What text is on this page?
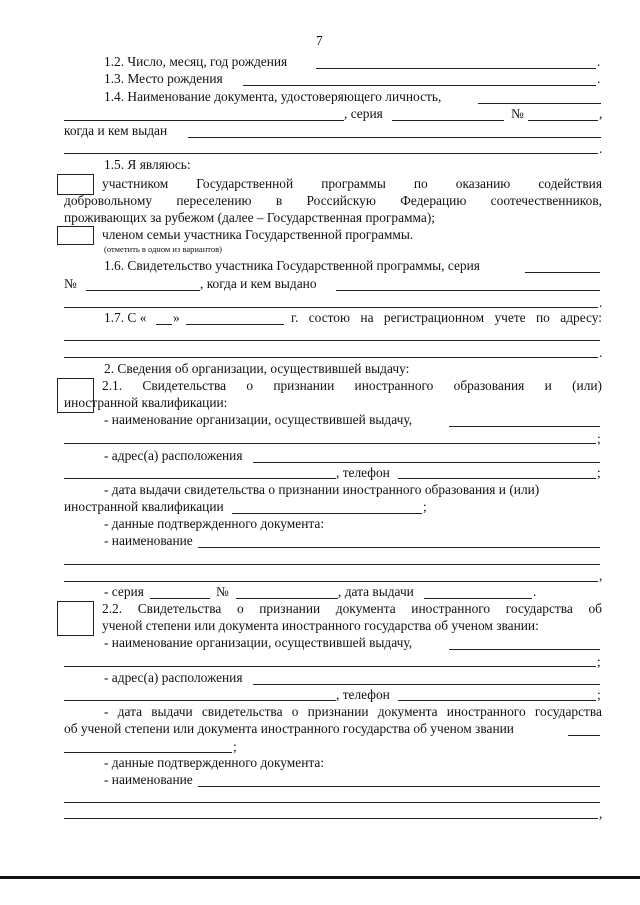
7
1.2. Число, месяц, год рождения	.
1.3. Место рождения	.
1.4. Наименование документа, удостоверяющего личность,
, серия	№	,
когда и кем выдан
.
1.5. Я являюсь:
участником Государственной программы по оказанию содействия
добровольному переселению в Российскую Федерацию соотечественников,
проживающих за рубежом (далее – Государственная программа);
членом семьи участника Государственной программы.
(отметить в одном из вариантов)
1.6. Свидетельство участника Государственной программы, серия
№	, когда и кем выдано
.
1.7. С « »	г. состою на регистрационном учете по адресу:
.
2. Сведения об организации, осуществившей выдачу:
2.1. Свидетельства о признании иностранного образования и (или)
иностранной квалификации:
- наименование организации, осуществившей выдачу,
;
- адрес(а) расположения
, телефон	;
- дата выдачи свидетельства о признании иностранного образования и (или)
иностранной квалификации	;
- данные подтвержденного документа:
- наименование
,
- серия	№	, дата выдачи	.
2.2. Свидетельства о признании документа иностранного государства об
ученой степени или документа иностранного государства об ученом звании:
- наименование организации, осуществившей выдачу,
;
- адрес(а) расположения
, телефон	;
- дата выдачи свидетельства о признании документа иностранного государства
об ученой степени или документа иностранного государства об ученом звании
;
- данные подтвержденного документа:
- наименование
,
